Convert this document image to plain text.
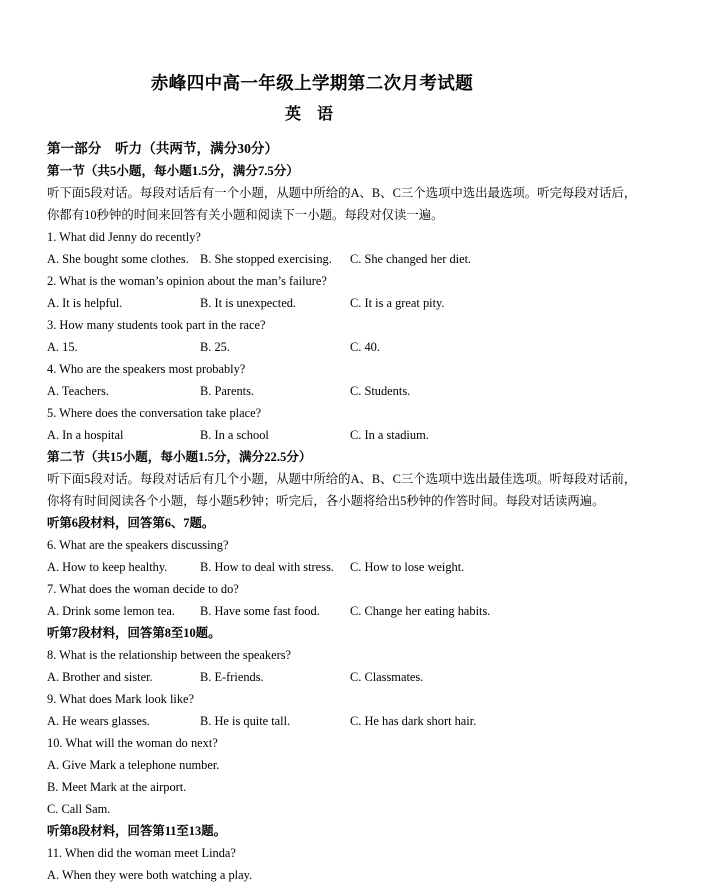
赤峰四中高一年级上学期第二次月考试题
英 语
第一部分　听力（共两节，满分30分）
第一节（共5小题，每小题1.5分，满分7.5分）
听下面5段对话。每段对话后有一个小题，从题中所给的A、B、C三个选项中选出最选项。听完每段对话后，
你都有10秒钟的时间来回答有关小题和阅读下一小题。每段对仅读一遍。
1. What did Jenny do recently?
A. She bought some clothes. B. She stopped exercising. C. She changed her diet.
2. What is the woman’s opinion about the man’s failure?
A. It is helpful.	B. It is unexpected.	C. It is a great pity.
3. How many students took part in the race?
A. 15.	B. 25.	C. 40.
4. Who are the speakers most probably?
A. Teachers.	B. Parents.	C. Students.
5. Where does the conversation take place?
A. In a hospital	B. In a school	C. In a stadium.
第二节（共15小题，每小题1.5分，满分22.5分）
听下面5段对话。每段对话后有几个小题，从题中所给的A、B、C三个选项中选出最佳选项。听每段对话前，
你将有时间阅读各个小题，每小题5秒钟；听完后，各小题将给出5秒钟的作答时间。每段对话读两遍。
听第6段材料，回答第6、7题。
6. What are the speakers discussing?
A. How to keep healthy.	B. How to deal with stress. C. How to lose weight.
7. What does the woman decide to do?
A. Drink some lemon tea. B. Have some fast food. C. Change her eating habits.
听第7段材料，回答第8至10题。
8. What is the relationship between the speakers?
A. Brother and sister.	B. E-friends.	C. Classmates.
9. What does Mark look like?
A. He wears glasses.	B. He is quite tall.	C. He has dark short hair.
10. What will the woman do next?
A. Give Mark a telephone number.
B. Meet Mark at the airport.
C. Call Sam.
听第8段材料，回答第11至13题。
11. When did the woman meet Linda?
A. When they were both watching a play.
